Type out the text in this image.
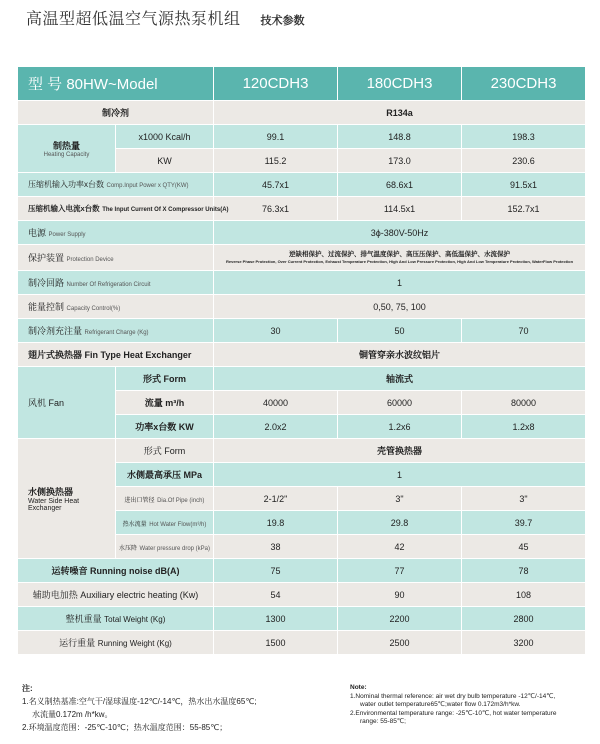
高温型超低温空气源热泵机组 技术参数
型 号 80HW~Model		120CDH3	180CDH3	230CDH3
制冷剂		R134a		

制热量
Heating Capacity	x1000 Kcal/h	99.1	148.8	198.3
	KW	115.2	173.0	230.6
压缩机输入功率x台数 Comp.Input Power x QTY(KW)		45.7x1	68.6x1	91.5x1
压缩机输入电流x台数 The Input Current Of X Compressor Units(A)		76.3x1	114.5x1	152.7x1
电源 Power Supply		3ϕ-380V-50Hz		
保护装置 Protection Device		逆缺相保护、过流保护、排气温度保护、高压压保护、高低温保护、水流保护
Reverse Phase Protection, Over Current Protection, Exhaust Temperature Protection, High And Low Pressure Protection, High And Low Temperature Protection, WaterFlow Protection		

制冷回路 Number Of Refrigeration Circuit		1		
能量控制 Capacity Control(%)		0,50, 75, 100		
制冷剂充注量 Refrigerant Charge (Kg)		30	50	70
翅片式换热器 Fin Type Heat Exchanger		铜管穿亲水波纹铝片		
风机 Fan	形式 Form	轴流式		
	流量 m³/h	40000	60000	80000
	功率x台数 KW	2.0x2	1.2x6	1.2x8

水侧换热器
Water Side Heat Exchanger	形式 Form	壳管换热器		
	水侧最高承压 MPa	1		
	进出口管径 Dia.Of Pipe (inch)	2-1/2"	3"	3"
	热水流量 Hot Water Flow(m³/h)	19.8	29.8	39.7
	水压降 Water pressure drop (kPa)	38	42	45
运转噪音 Running noise dB(A)		75	77	78
辅助电加热 Auxiliary electric heating (Kw)		54	90	108
整机重量 Total Weight (Kg)		1300	2200	2800
运行重量 Running Weight (Kg)		1500	2500	3200
注:
1.名义制热基准:空气干/湿球温度-12℃/-14℃，热水出水温度65℃;
水流量0.172m /h*kw。
2.环境温度范围：-25℃-10℃；热水温度范围：55-85℃；
Note:
1.Nominal thermal reference: air wet dry bulb temperature -12℃/-14℃,
water outlet temperature65℃;water flow 0.172m3/h*kw.
2.Environmental temperature range: -25℃-10℃, hot water temperature
range: 55-85℃;
